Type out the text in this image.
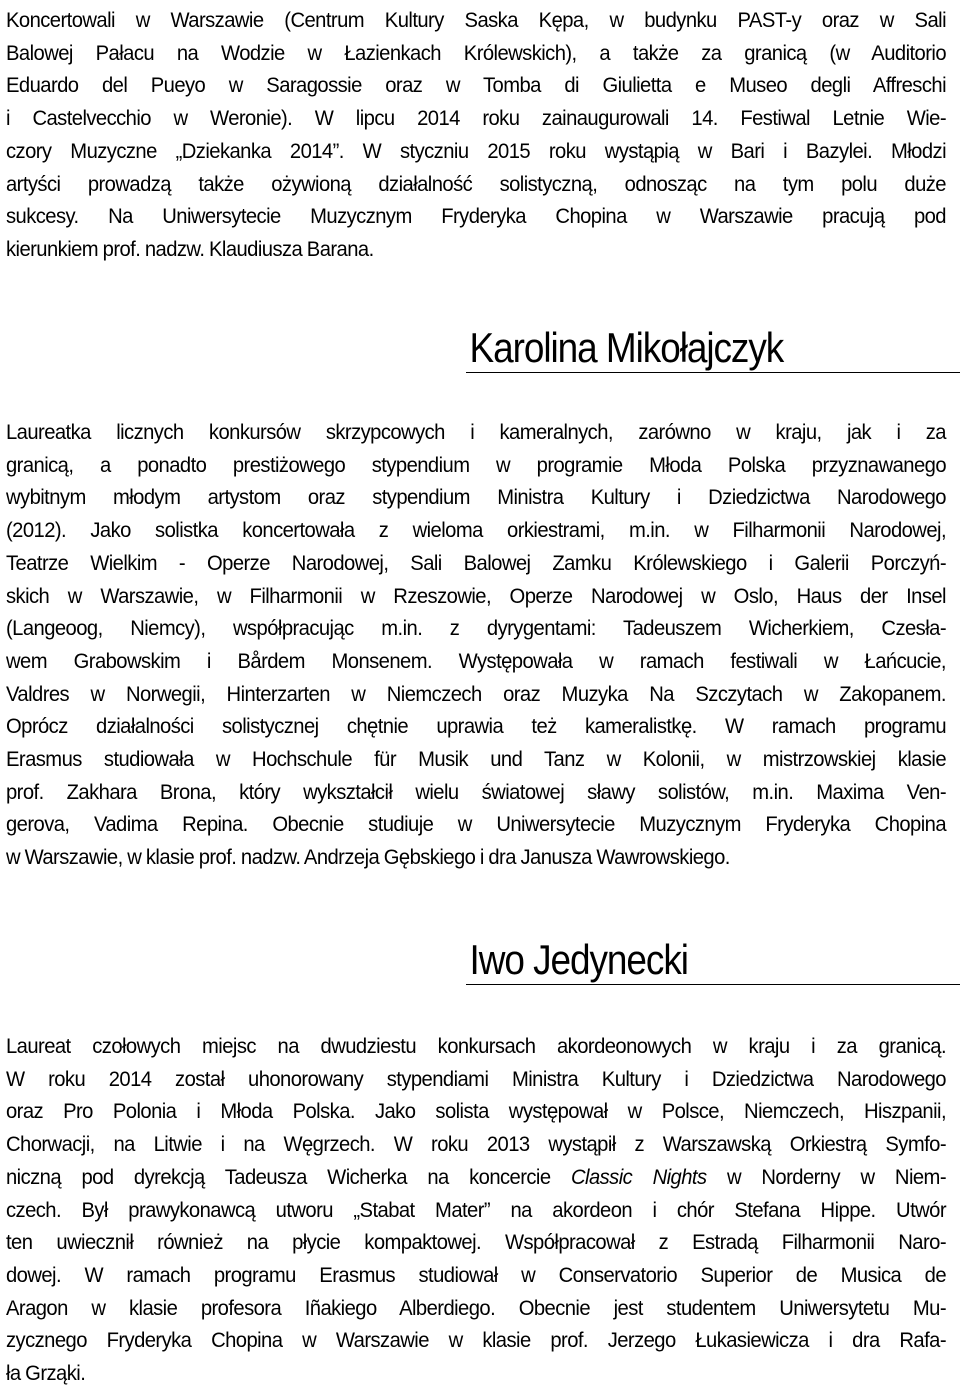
Koncertowali w Warszawie (Centrum Kultury Saska Kępa, w budynku PAST-y oraz w Sali
Balowej Pałacu na Wodzie w Łazienkach Królewskich), a także za granicą (w Auditorio
Eduardo del Pueyo w Saragossie oraz w Tomba di Giulietta e Museo degli Affreschi
i Castelvecchio w Weronie). W lipcu 2014 roku zainaugurowali 14. Festiwal Letnie Wie-
czory Muzyczne „Dziekanka 2014”. W styczniu 2015 roku wystąpią w Bari i Bazylei. Młodzi
artyści prowadzą także ożywioną działalność solistyczną, odnosząc na tym polu duże
sukcesy. Na Uniwersytecie Muzycznym Fryderyka Chopina w Warszawie pracują pod
kierunkiem prof. nadzw. Klaudiusza Barana.

Karolina Mikołajczyk

Laureatka licznych konkursów skrzypcowych i kameralnych, zarówno w kraju, jak i za
granicą, a ponadto prestiżowego stypendium w programie Młoda Polska przyznawanego
wybitnym młodym artystom oraz stypendium Ministra Kultury i Dziedzictwa Narodowego
(2012). Jako solistka koncertowała z wieloma orkiestrami, m.in. w Filharmonii Narodowej,
Teatrze Wielkim - Operze Narodowej, Sali Balowej Zamku Królewskiego i Galerii Porczyń-
skich w Warszawie, w Filharmonii w Rzeszowie, Operze Narodowej w Oslo, Haus der Insel
(Langeoog, Niemcy), współpracując m.in. z dyrygentami: Tadeuszem Wicherkiem, Czesła-
wem Grabowskim i Bårdem Monsenem. Występowała w ramach festiwali w Łańcucie,
Valdres w Norwegii, Hinterzarten w Niemczech oraz Muzyka Na Szczytach w Zakopanem.
Oprócz działalności solistycznej chętnie uprawia też kameralistkę. W ramach programu
Erasmus studiowała w Hochschule für Musik und Tanz w Kolonii, w mistrzowskiej klasie
prof. Zakhara Brona, który wykształcił wielu światowej sławy solistów, m.in. Maxima Ven-
gerova, Vadima Repina. Obecnie studiuje w Uniwersytecie Muzycznym Fryderyka Chopina
w Warszawie, w klasie prof. nadzw. Andrzeja Gębskiego i dra Janusza Wawrowskiego.

Iwo Jedynecki

Laureat czołowych miejsc na dwudziestu konkursach akordeonowych w kraju i za granicą.
W roku 2014 został uhonorowany stypendiami Ministra Kultury i Dziedzictwa Narodowego
oraz Pro Polonia i Młoda Polska. Jako solista występował w Polsce, Niemczech, Hiszpanii,
Chorwacji, na Litwie i na Węgrzech. W roku 2013 wystąpił z Warszawską Orkiestrą Symfo-
niczną pod dyrekcją Tadeusza Wicherka na koncercie Classic Nights w Norderny w Niem-
czech. Był prawykonawcą utworu „Stabat Mater” na akordeon i chór Stefana Hippe. Utwór
ten uwiecznił również na płycie kompaktowej. Współpracował z Estradą Filharmonii Naro-
dowej. W ramach programu Erasmus studiował w Conservatorio Superior de Musica de
Aragon w klasie profesora Iñakiego Alberdiego. Obecnie jest studentem Uniwersytetu Mu-
zycznego Fryderyka Chopina w Warszawie w klasie prof. Jerzego Łukasiewicza i dra Rafa-
ła Grząki.
